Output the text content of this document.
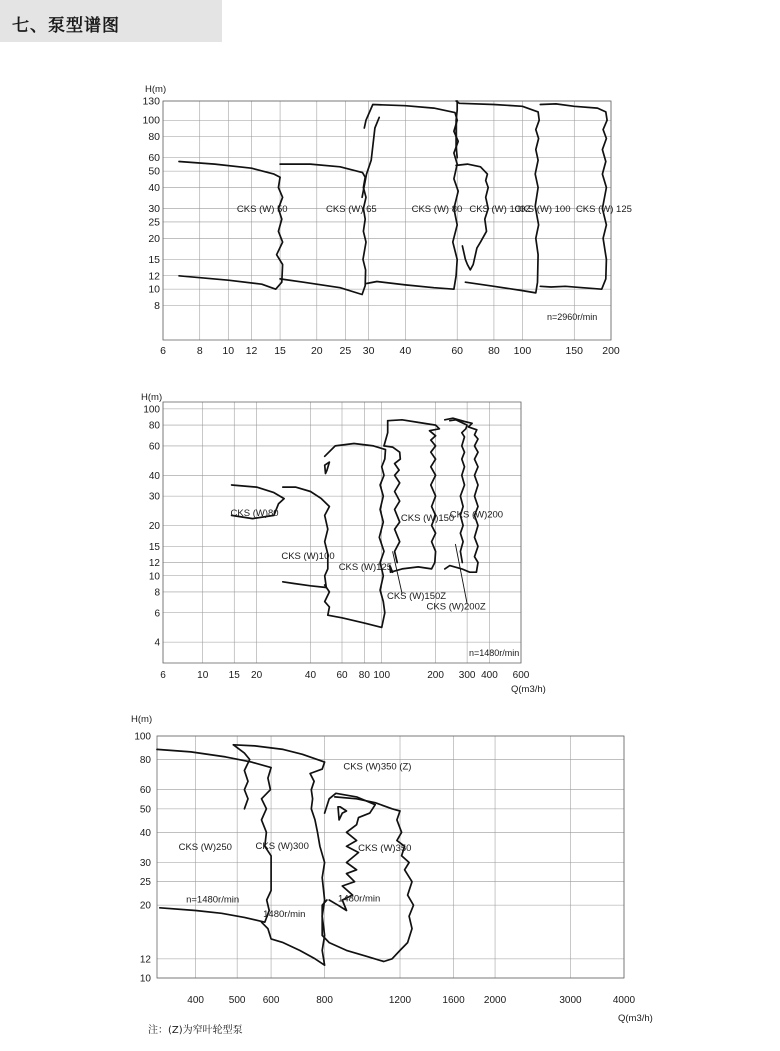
七、泵型谱图
6	8 10 12 15 20 25 30 40	60 80 100	150 200
8
10
12
15
20
25
30
40
50
60
80
100
130
H(m)
n=2960r/min
CKS (W) 50	CKS (W) 65	CKS (W) 80 CKS (W) 100Z
CKS (W) 100 CKS (W) 125
6	10 15 20	40 60 80 100	200 300 400 600
4
6
8
10
12
15
20
30
40
60
80
100
H(m)
Q(m3/h)
n=1480r/min
CKS (W)80
CKS (W)100
CKS (W)125
CKS (W)150
CKS (W)200
CKS (W)150Z
CKS (W)200Z
400 500 600	800	1200	1600 2000	3000	4000
10
12
20
25
30
40
50
60
80
100
H(m)
Q(m3/h)
CKS (W)250 CKS (W)300
CKS (W)350 (Z)
CKS (W)350
n=1480r/min
1480r/min
1480r/min
注：(Z)为窄叶轮型泵
